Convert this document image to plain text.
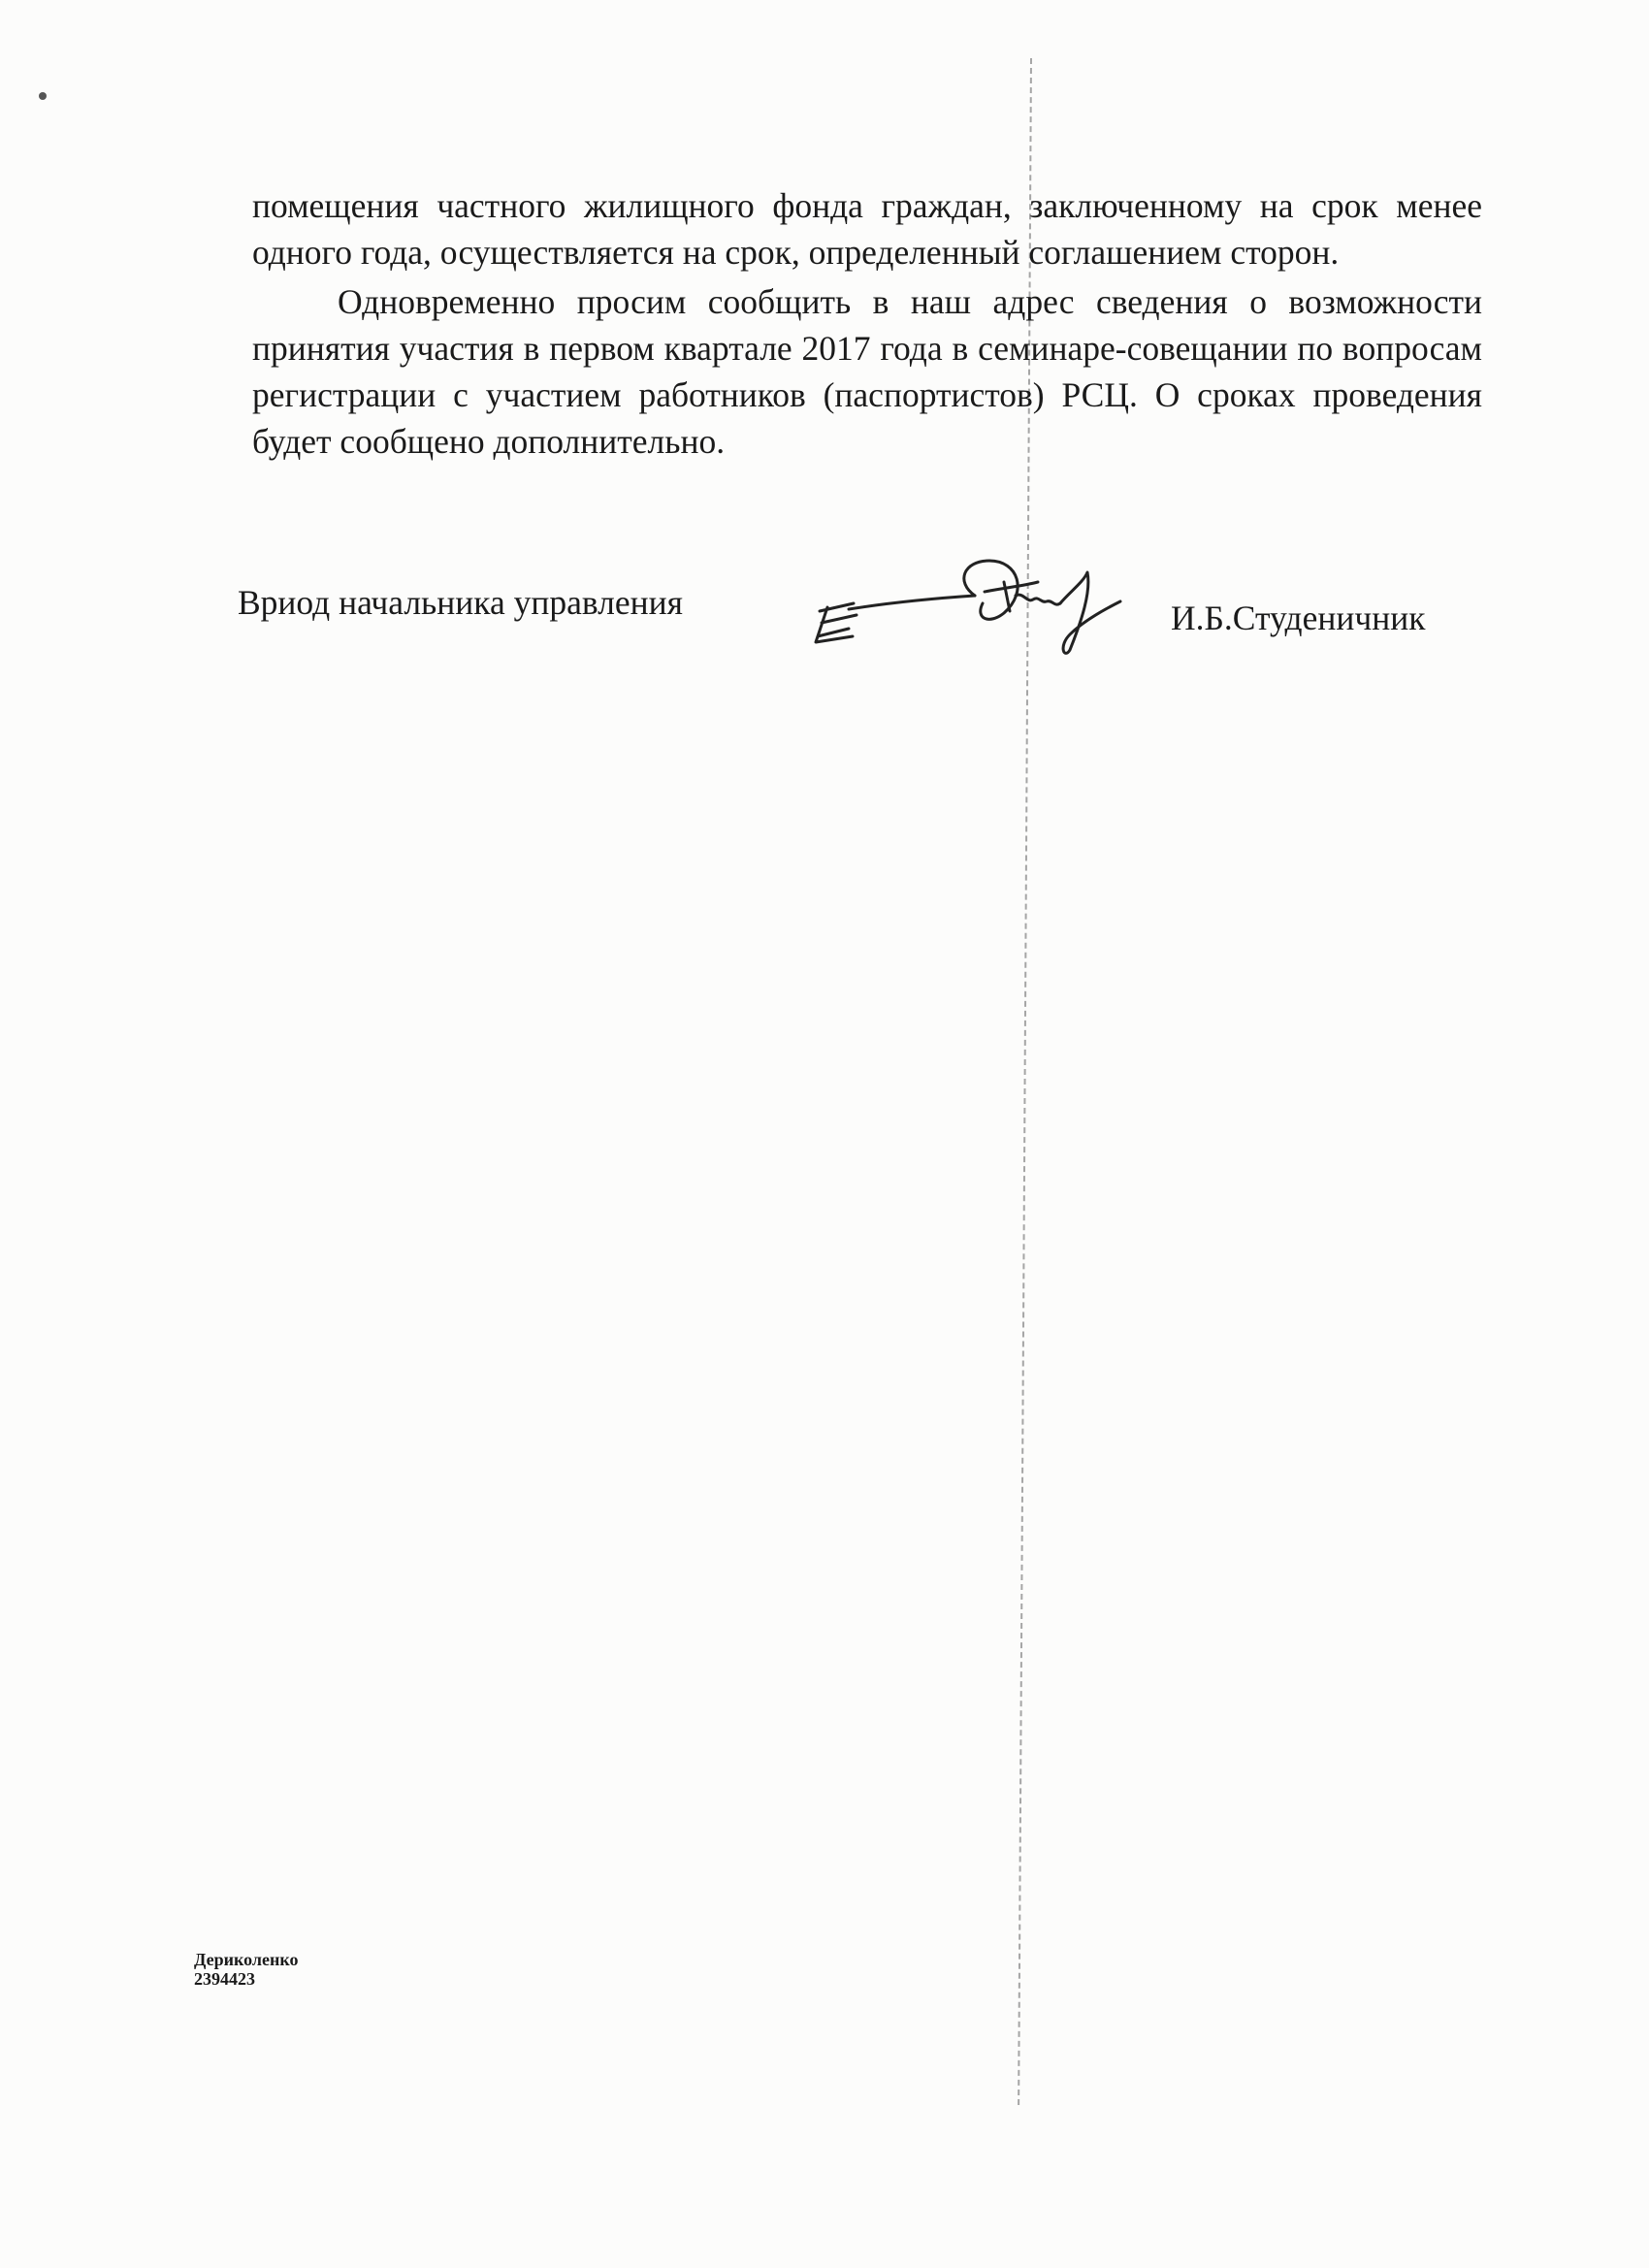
помещения частного жилищного фонда граждан, заключенному на срок менее одного года, осуществляется на срок, определенный соглашением сторон.

Одновременно просим сообщить в наш адрес сведения о возможности принятия участия в первом квартале 2017 года в семинаре-совещании по вопросам регистрации с участием работников (паспортистов) РСЦ. О сроках проведения будет сообщено дополнительно.

Вриод начальника управления	И.Б.Студеничник
Дериколенко
2394423
